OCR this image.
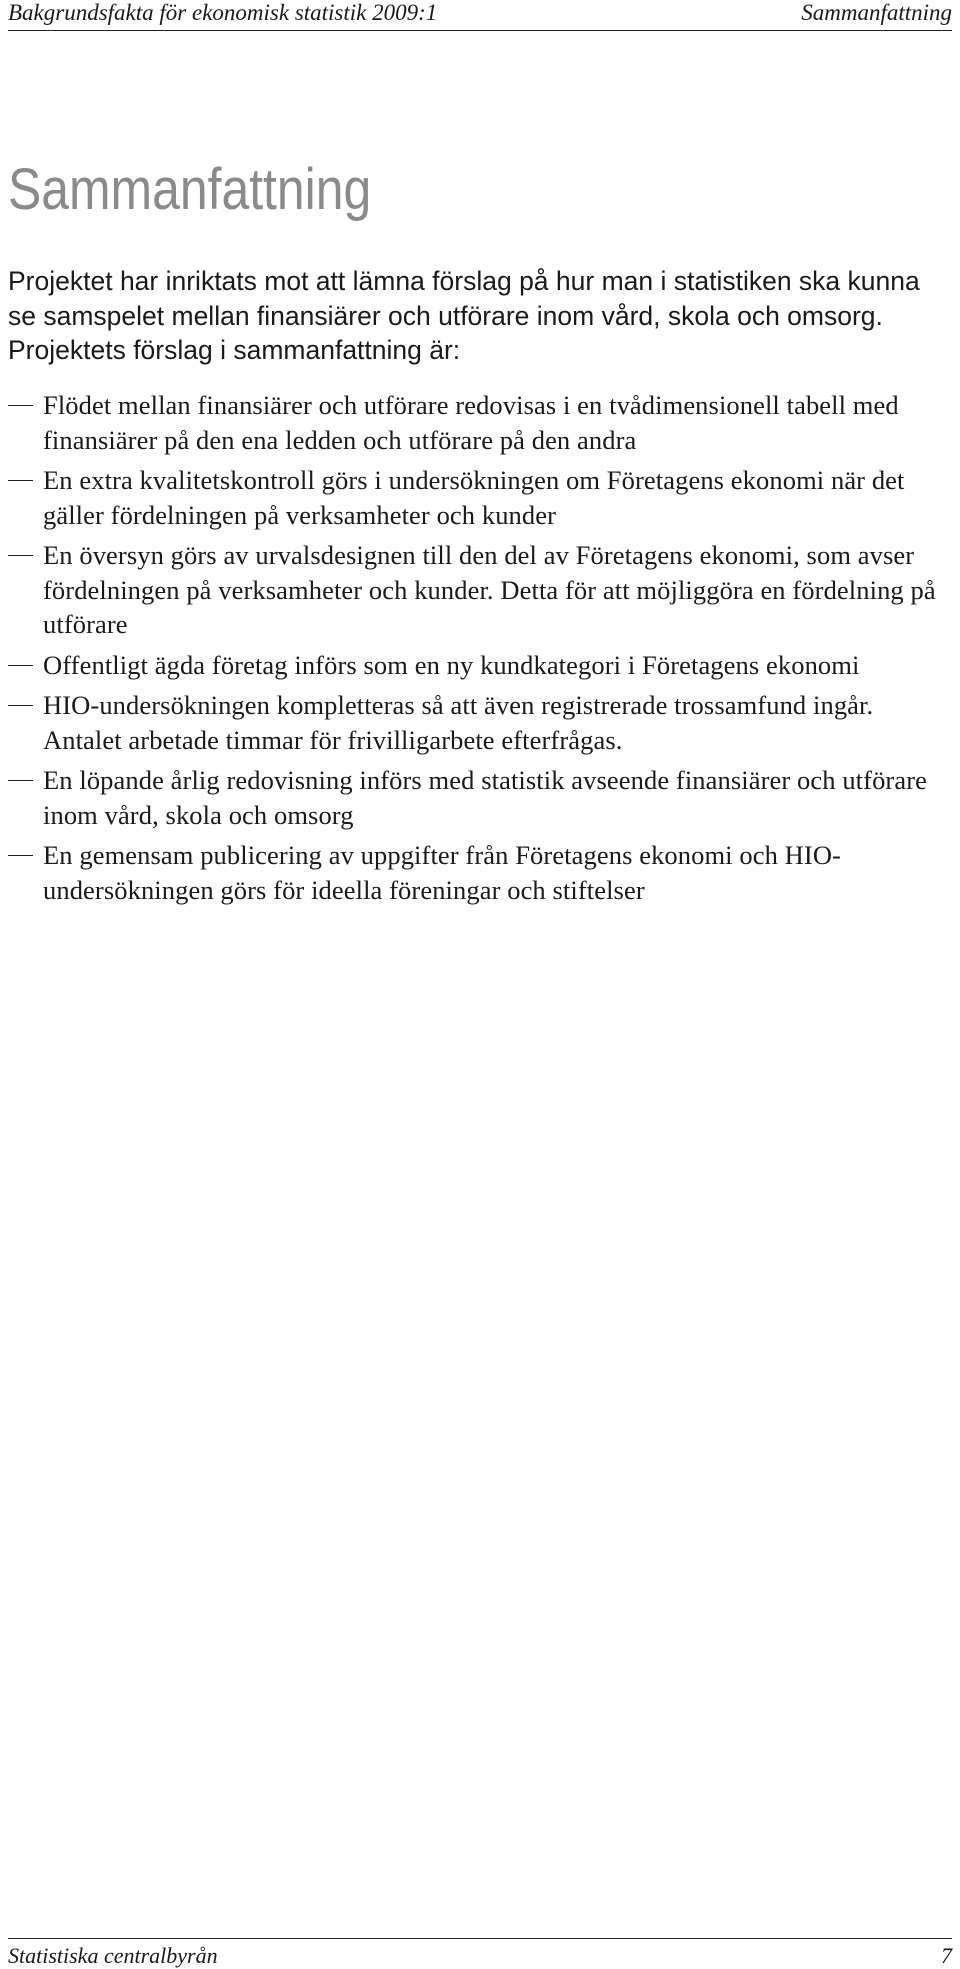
Bakgrundsfakta för ekonomisk statistik 2009:1	Sammanfattning
Sammanfattning

Projektet har inriktats mot att lämna förslag på hur man i statistiken ska kunna se samspelet mellan finansiärer och utförare inom vård, skola och omsorg. Projektets förslag i sammanfattning är:

Flödet mellan finansiärer och utförare redovisas i en tvådimensionell tabell med finansiärer på den ena ledden och utförare på den andra
En extra kvalitetskontroll görs i undersökningen om Företagens ekonomi när det gäller fördelningen på verksamheter och kunder
En översyn görs av urvalsdesignen till den del av Företagens ekonomi, som avser fördelningen på verksamheter och kunder. Detta för att möjliggöra en fördelning på utförare
Offentligt ägda företag införs som en ny kundkategori i Företagens ekonomi
HIO-undersökningen kompletteras så att även registrerade trossamfund ingår. Antalet arbetade timmar för frivilligarbete efterfrågas.
En löpande årlig redovisning införs med statistik avseende finansiärer och utförare inom vård, skola och omsorg
En gemensam publicering av uppgifter från Företagens ekonomi och HIO-undersökningen görs för ideella föreningar och stiftelser
Statistiska centralbyrån	7
